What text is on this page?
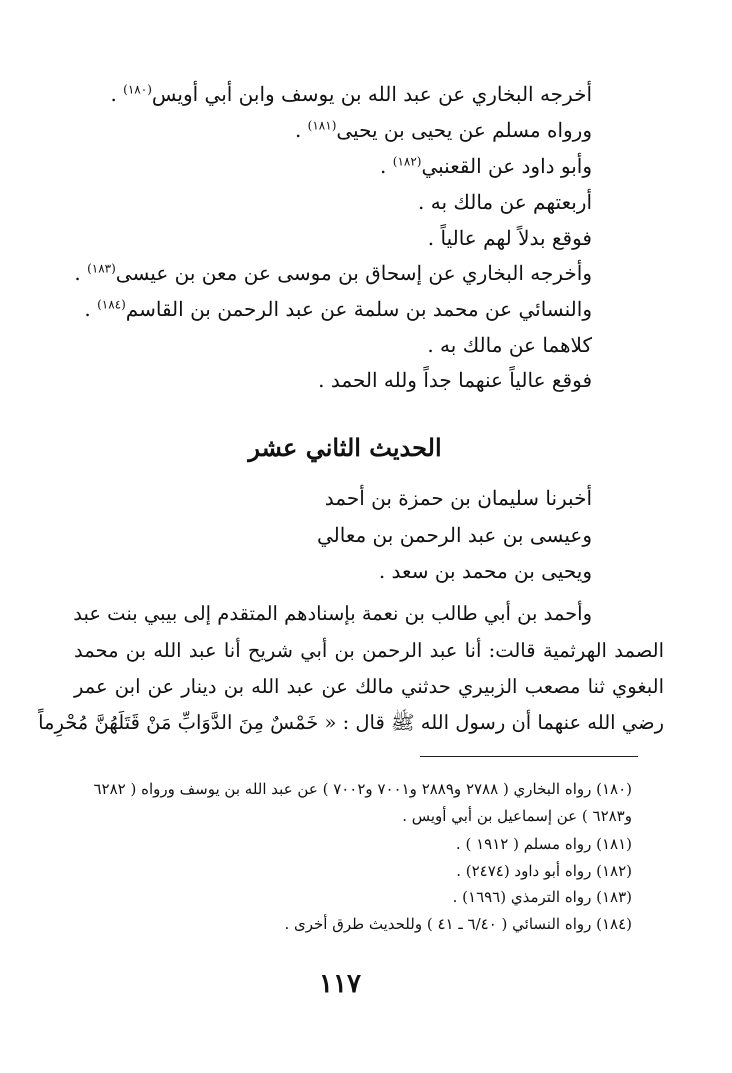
أخرجه البخاري عن عبد الله بن يوسف وابن أبي أويس$^{(١٨٠)}$ .
ورواه مسلم عن يحيى بن يحيى$^{(١٨١)}$ .
وأبو داود عن القعنبي$^{(١٨٢)}$ .
أربعتهم عن مالك به .
فوقع بدلاً لهم عالياً .
وأخرجه البخاري عن إسحاق بن موسى عن معن بن عيسى$^{(١٨٣)}$ .
والنسائي عن محمد بن سلمة عن عبد الرحمن بن القاسم$^{(١٨٤)}$ .
كلاهما عن مالك به .
فوقع عالياً عنهما جداً ولله الحمد .
الحديث الثاني عشر
أخبرنا سليمان بن حمزة بن أحمد
وعيسى بن عبد الرحمن بن معالي
ويحيى بن محمد بن سعد .
وأحمد بن أبي طالب بن نعمة بإسنادهم المتقدم إلى بيبي بنت عبد
الصمد الهرثمية قالت: أنا عبد الرحمن بن أبي شريح أنا عبد الله بن محمد
البغوي ثنا مصعب الزبيري حدثني مالك عن عبد الله بن دينار عن ابن عمر
رضي الله عنهما أن رسول الله ﷺ قال : « خَمْسٌ مِنَ الدَّوَابِّ مَنْ قَتَلَهُنَّ مُحْرِماً
(١٨٠) رواه البخاري ( ٢٧٨٨ و٢٨٨٩ و٧٠٠١ و٧٠٠٢ ) عن عبد الله بن يوسف ورواه ( ٦٢٨٢
و٦٢٨٣ ) عن إسماعيل بن أبي أويس .
(١٨١) رواه مسلم ( ١٩١٢ ) .
(١٨٢) رواه أبو داود (٢٤٧٤) .
(١٨٣) رواه الترمذي (١٦٩٦) .
(١٨٤) رواه النسائي ( ٦/٤٠ ـ ٤١ ) وللحديث طرق أخرى .
١١٧
